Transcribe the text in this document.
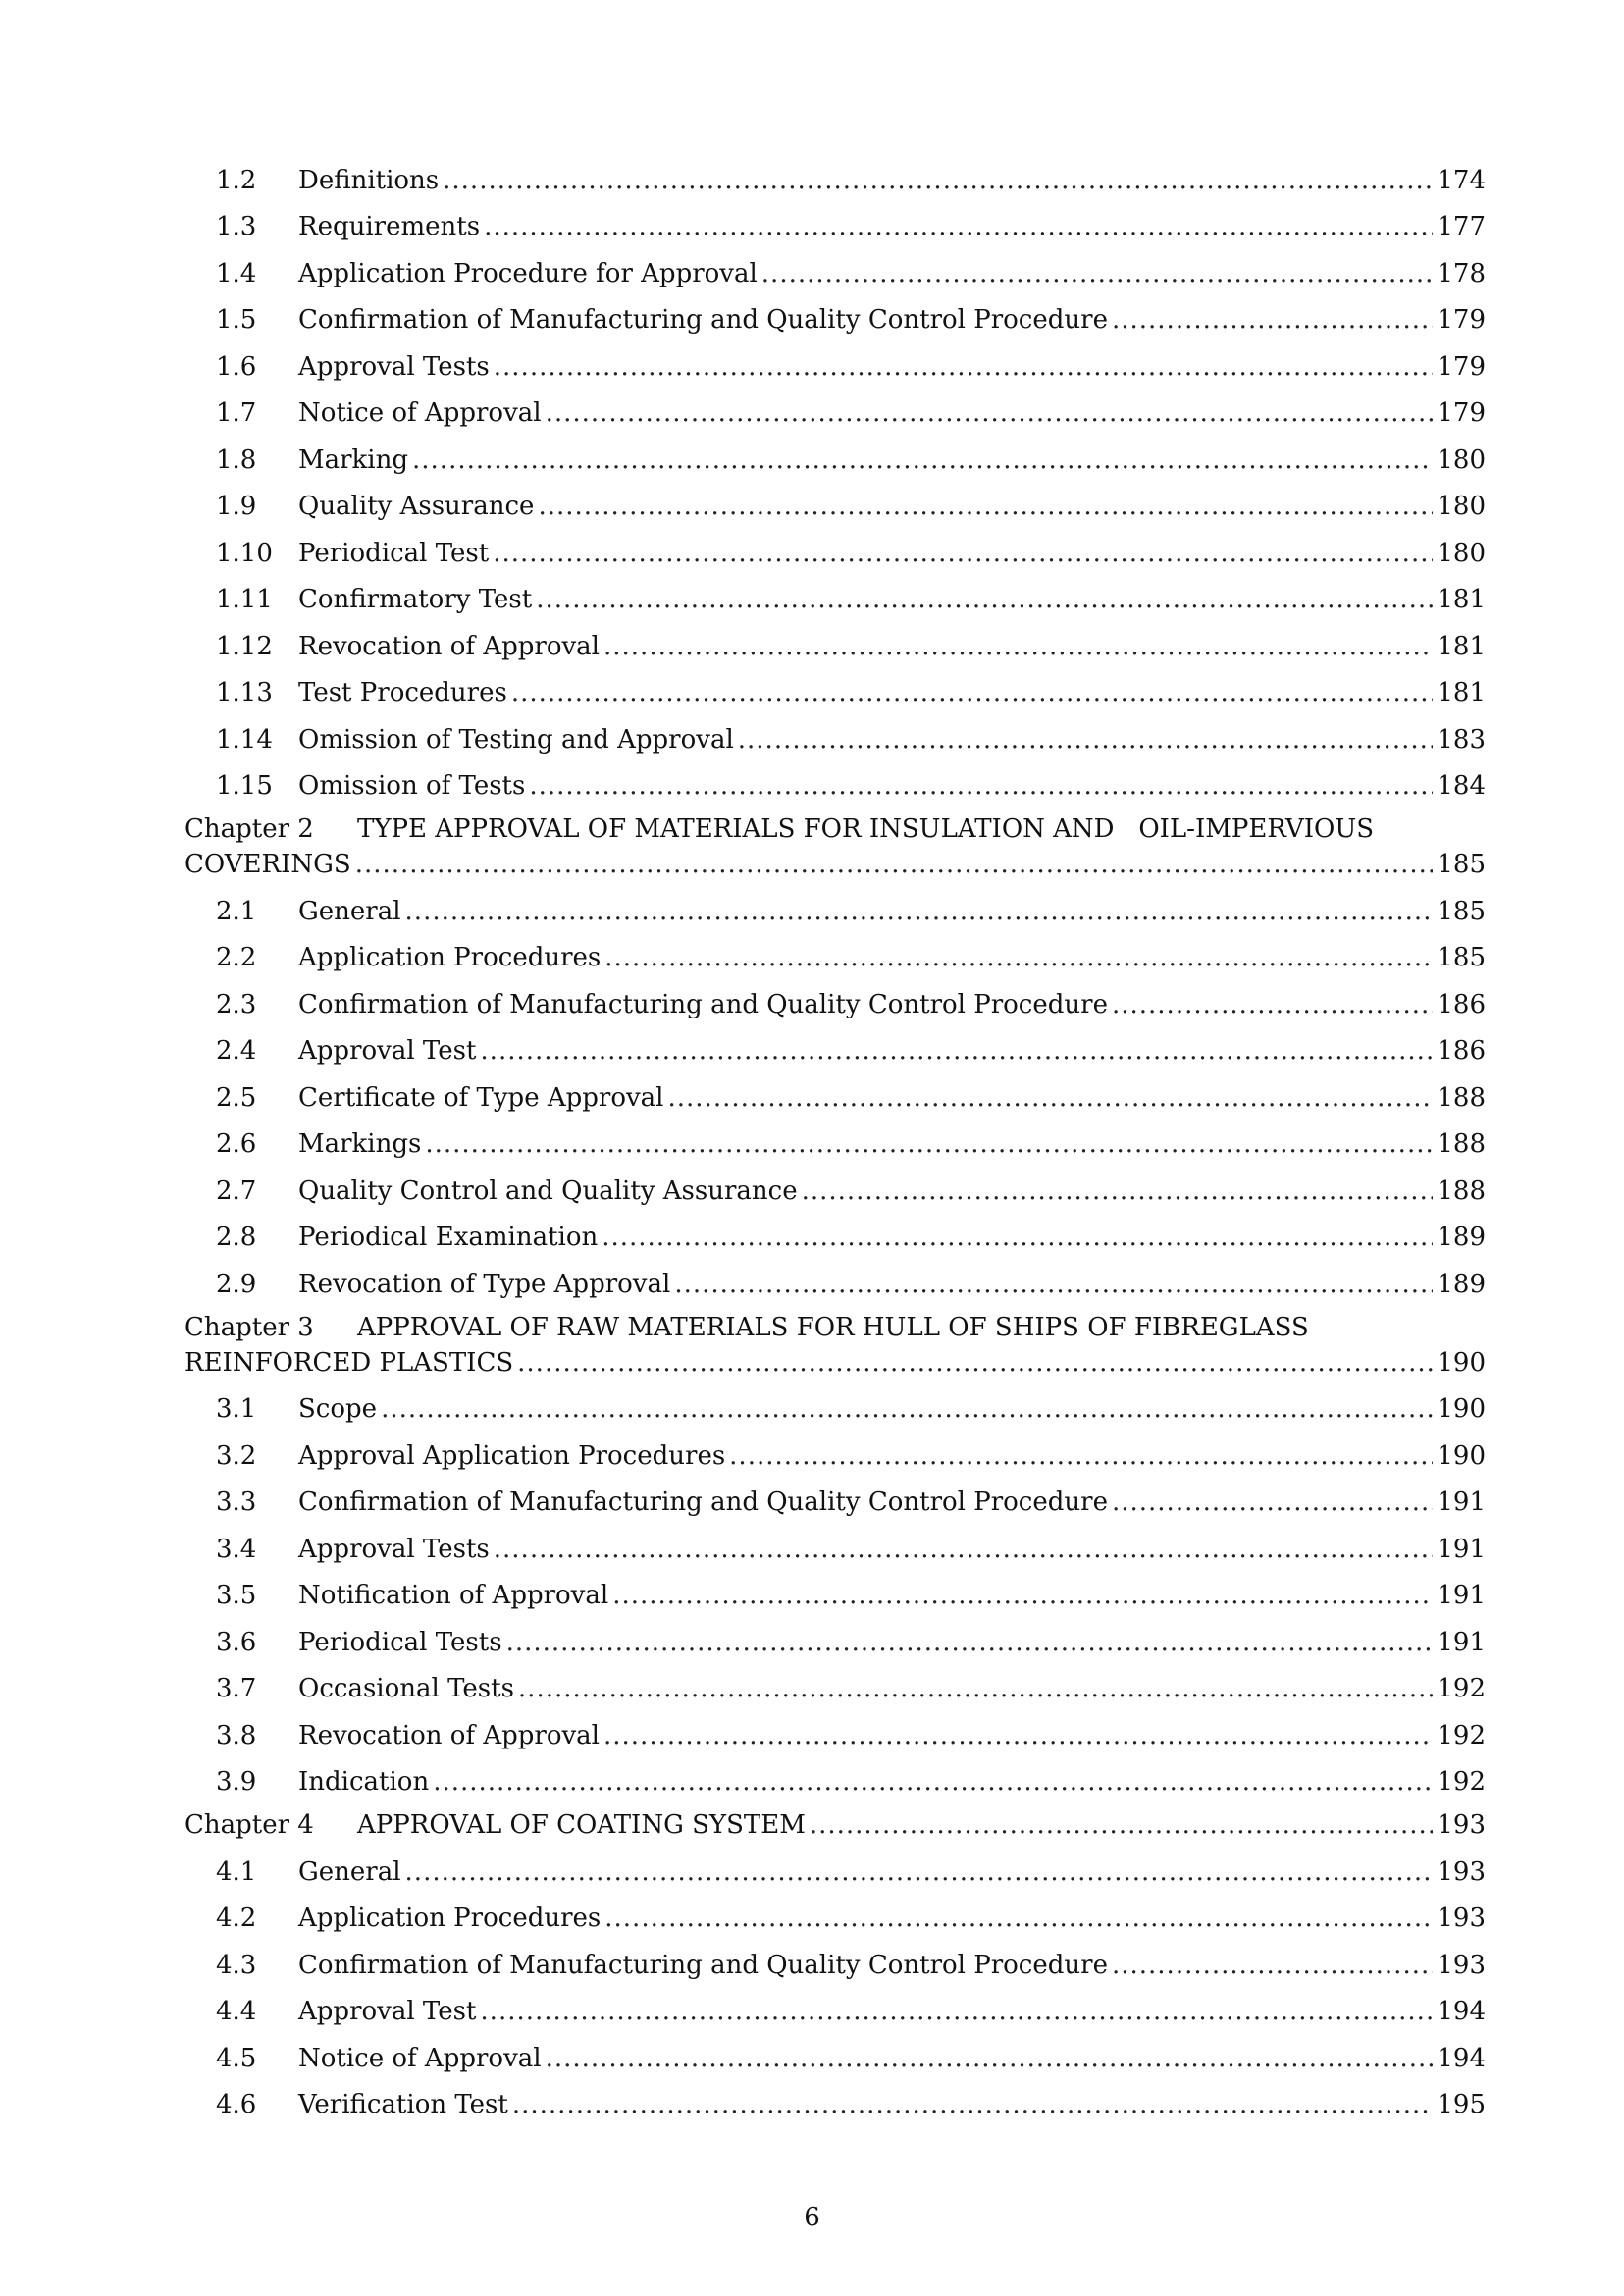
1.2	Definitions .....	174
1.3	Requirements .....	177
1.4	Application Procedure for Approval .....	178
1.5	Confirmation of Manufacturing and Quality Control Procedure .....	179
1.6	Approval Tests .....	179
1.7	Notice of Approval .....	179
1.8	Marking .....	180
1.9	Quality Assurance .....	180
1.10 Periodical Test .....	180
1.11 Confirmatory Test .....	181
1.12 Revocation of Approval .....	181
1.13 Test Procedures .....	181
1.14 Omission of Testing and Approval .....	183
1.15 Omission of Tests .....	184
Chapter 2	TYPE APPROVAL OF MATERIALS FOR INSULATION AND   OIL-IMPERVIOUS
COVERINGS .....	185
2.1	General .....	185
2.2	Application Procedures .....	185
2.3	Confirmation of Manufacturing and Quality Control Procedure .....	186
2.4	Approval Test .....	186
2.5	Certificate of Type Approval .....	188
2.6	Markings .....	188
2.7	Quality Control and Quality Assurance .....	188
2.8	Periodical Examination .....	189
2.9	Revocation of Type Approval .....	189
Chapter 3	APPROVAL OF RAW MATERIALS FOR HULL OF SHIPS OF FIBREGLASS
REINFORCED PLASTICS .....	190
3.1	Scope .....	190
3.2	Approval Application Procedures .....	190
3.3	Confirmation of Manufacturing and Quality Control Procedure .....	191
3.4	Approval Tests .....	191
3.5	Notification of Approval .....	191
3.6	Periodical Tests .....	191
3.7	Occasional Tests .....	192
3.8	Revocation of Approval .....	192
3.9	Indication .....	192
Chapter 4	APPROVAL OF COATING SYSTEM .....	193
4.1	General .....	193
4.2	Application Procedures .....	193
4.3	Confirmation of Manufacturing and Quality Control Procedure .....	193
4.4	Approval Test .....	194
4.5	Notice of Approval .....	194
4.6	Verification Test .....	195
6
